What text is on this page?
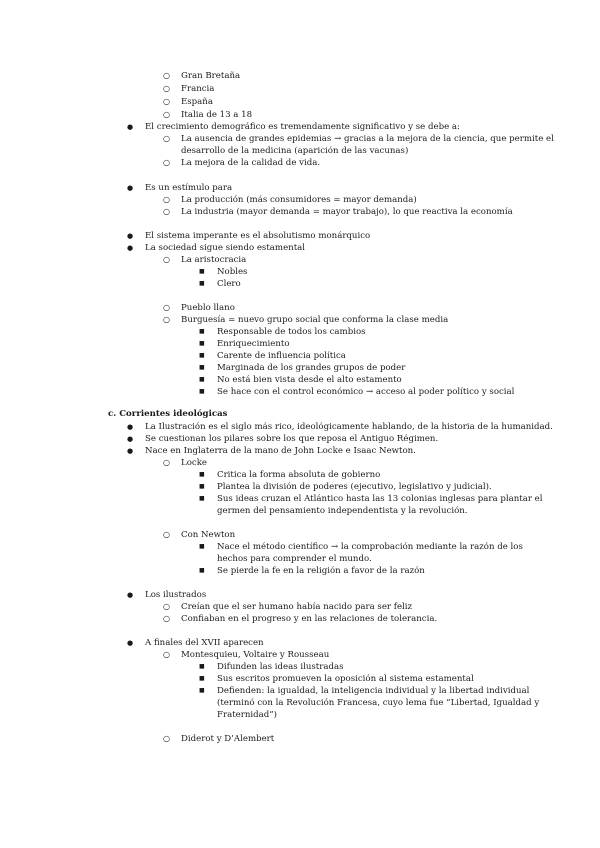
○ Gran Bretaña
○ Francia
○ España
○ Italia de 13 a 18
● El crecimiento demográfico es tremendamente significativo y se debe a:
○ La ausencia de grandes epidemias → gracias a la mejora de la ciencia, que permite el
desarrollo de la medicina (aparición de las vacunas)
○ La mejora de la calidad de vida.
● Es un estímulo para
○ La producción (más consumidores = mayor demanda)
○ La industria (mayor demanda = mayor trabajo), lo que reactiva la economía
● El sistema imperante es el absolutismo monárquico
● La sociedad sigue siendo estamental
○ La aristocracia
■ Nobles
■ Clero
○ Pueblo llano
○ Burguesía = nuevo grupo social que conforma la clase media
■ Responsable de todos los cambios
■ Enriquecimiento
■ Carente de influencia política
■ Marginada de los grandes grupos de poder
■ No está bien vista desde el alto estamento
■ Se hace con el control económico → acceso al poder político y social
c. Corrientes ideológicas
● La Ilustración es el siglo más rico, ideológicamente hablando, de la historia de la humanidad.
● Se cuestionan los pilares sobre los que reposa el Antiguo Régimen.
● Nace en Inglaterra de la mano de John Locke e Isaac Newton.
○ Locke
■ Critica la forma absoluta de gobierno
■ Plantea la división de poderes (ejecutivo, legislativo y judicial).
■ Sus ideas cruzan el Atlántico hasta las 13 colonias inglesas para plantar el
germen del pensamiento independentista y la revolución.
○ Con Newton
■ Nace el método científico → la comprobación mediante la razón de los
hechos para comprender el mundo.
■ Se pierde la fe en la religión a favor de la razón
● Los ilustrados
○ Creían que el ser humano había nacido para ser feliz
○ Confiaban en el progreso y en las relaciones de tolerancia.
● A finales del XVII aparecen
○ Montesquieu, Voltaire y Rousseau
■ Difunden las ideas ilustradas
■ Sus escritos promueven la oposición al sistema estamental
■ Defienden: la igualdad, la inteligencia individual y la libertad individual
(terminó con la Revolución Francesa, cuyo lema fue “Libertad, Igualdad y
Fraternidad”)
○ Diderot y D’Alembert
